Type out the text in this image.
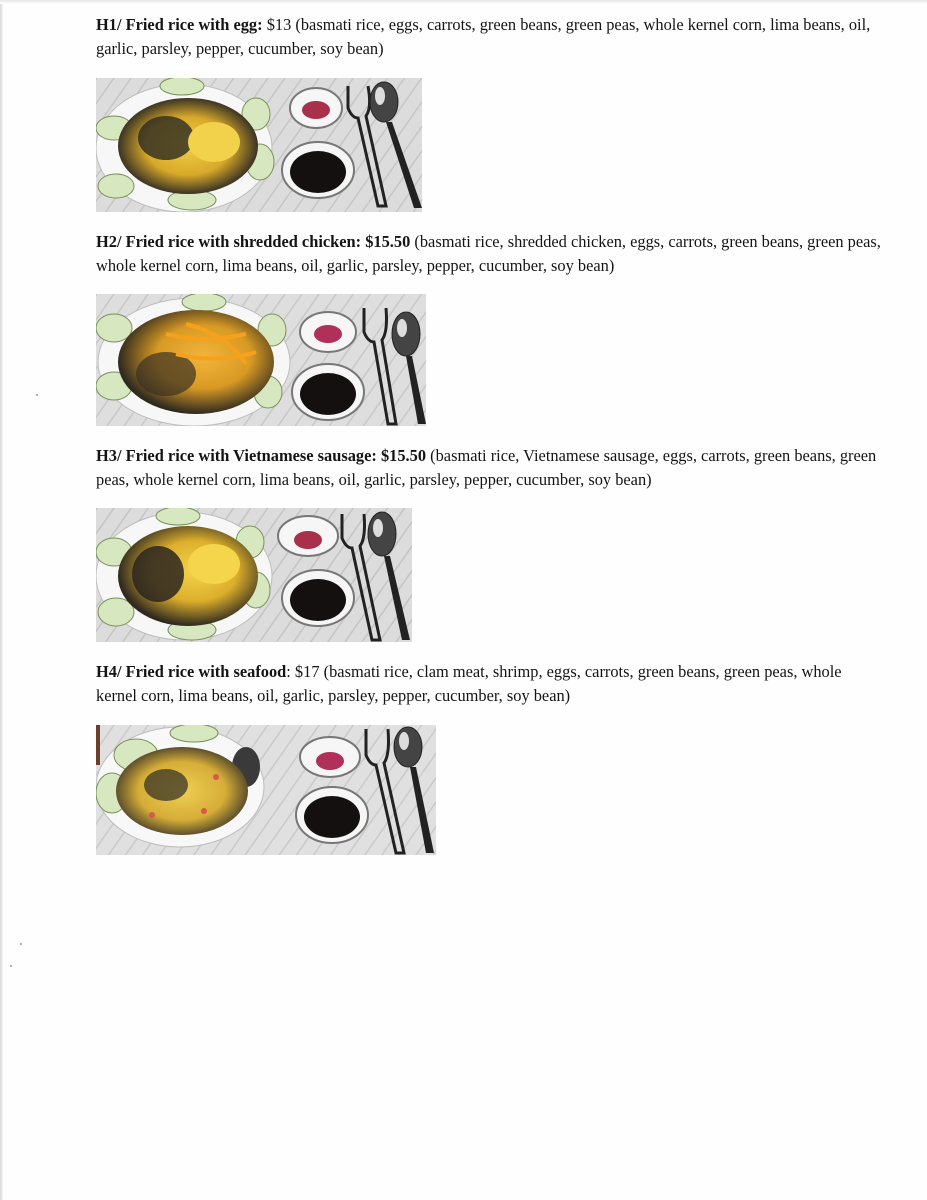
H1/ Fried rice with egg: $13 (basmati rice, eggs, carrots, green beans, green peas, whole kernel corn, lima beans, oil, garlic, parsley, pepper, cucumber, soy bean)
H2/ Fried rice with shredded chicken: $15.50 (basmati rice, shredded chicken, eggs, carrots, green beans, green peas, whole kernel corn, lima beans, oil, garlic, parsley, pepper, cucumber, soy bean)
H3/ Fried rice with Vietnamese sausage: $15.50 (basmati rice, Vietnamese sausage, eggs, carrots, green beans, green peas, whole kernel corn, lima beans, oil, garlic, parsley, pepper, cucumber, soy bean)
H4/ Fried rice with seafood: $17 (basmati rice, clam meat, shrimp, eggs, carrots, green beans, green peas, whole kernel corn, lima beans, oil, garlic, parsley, pepper, cucumber, soy bean)
